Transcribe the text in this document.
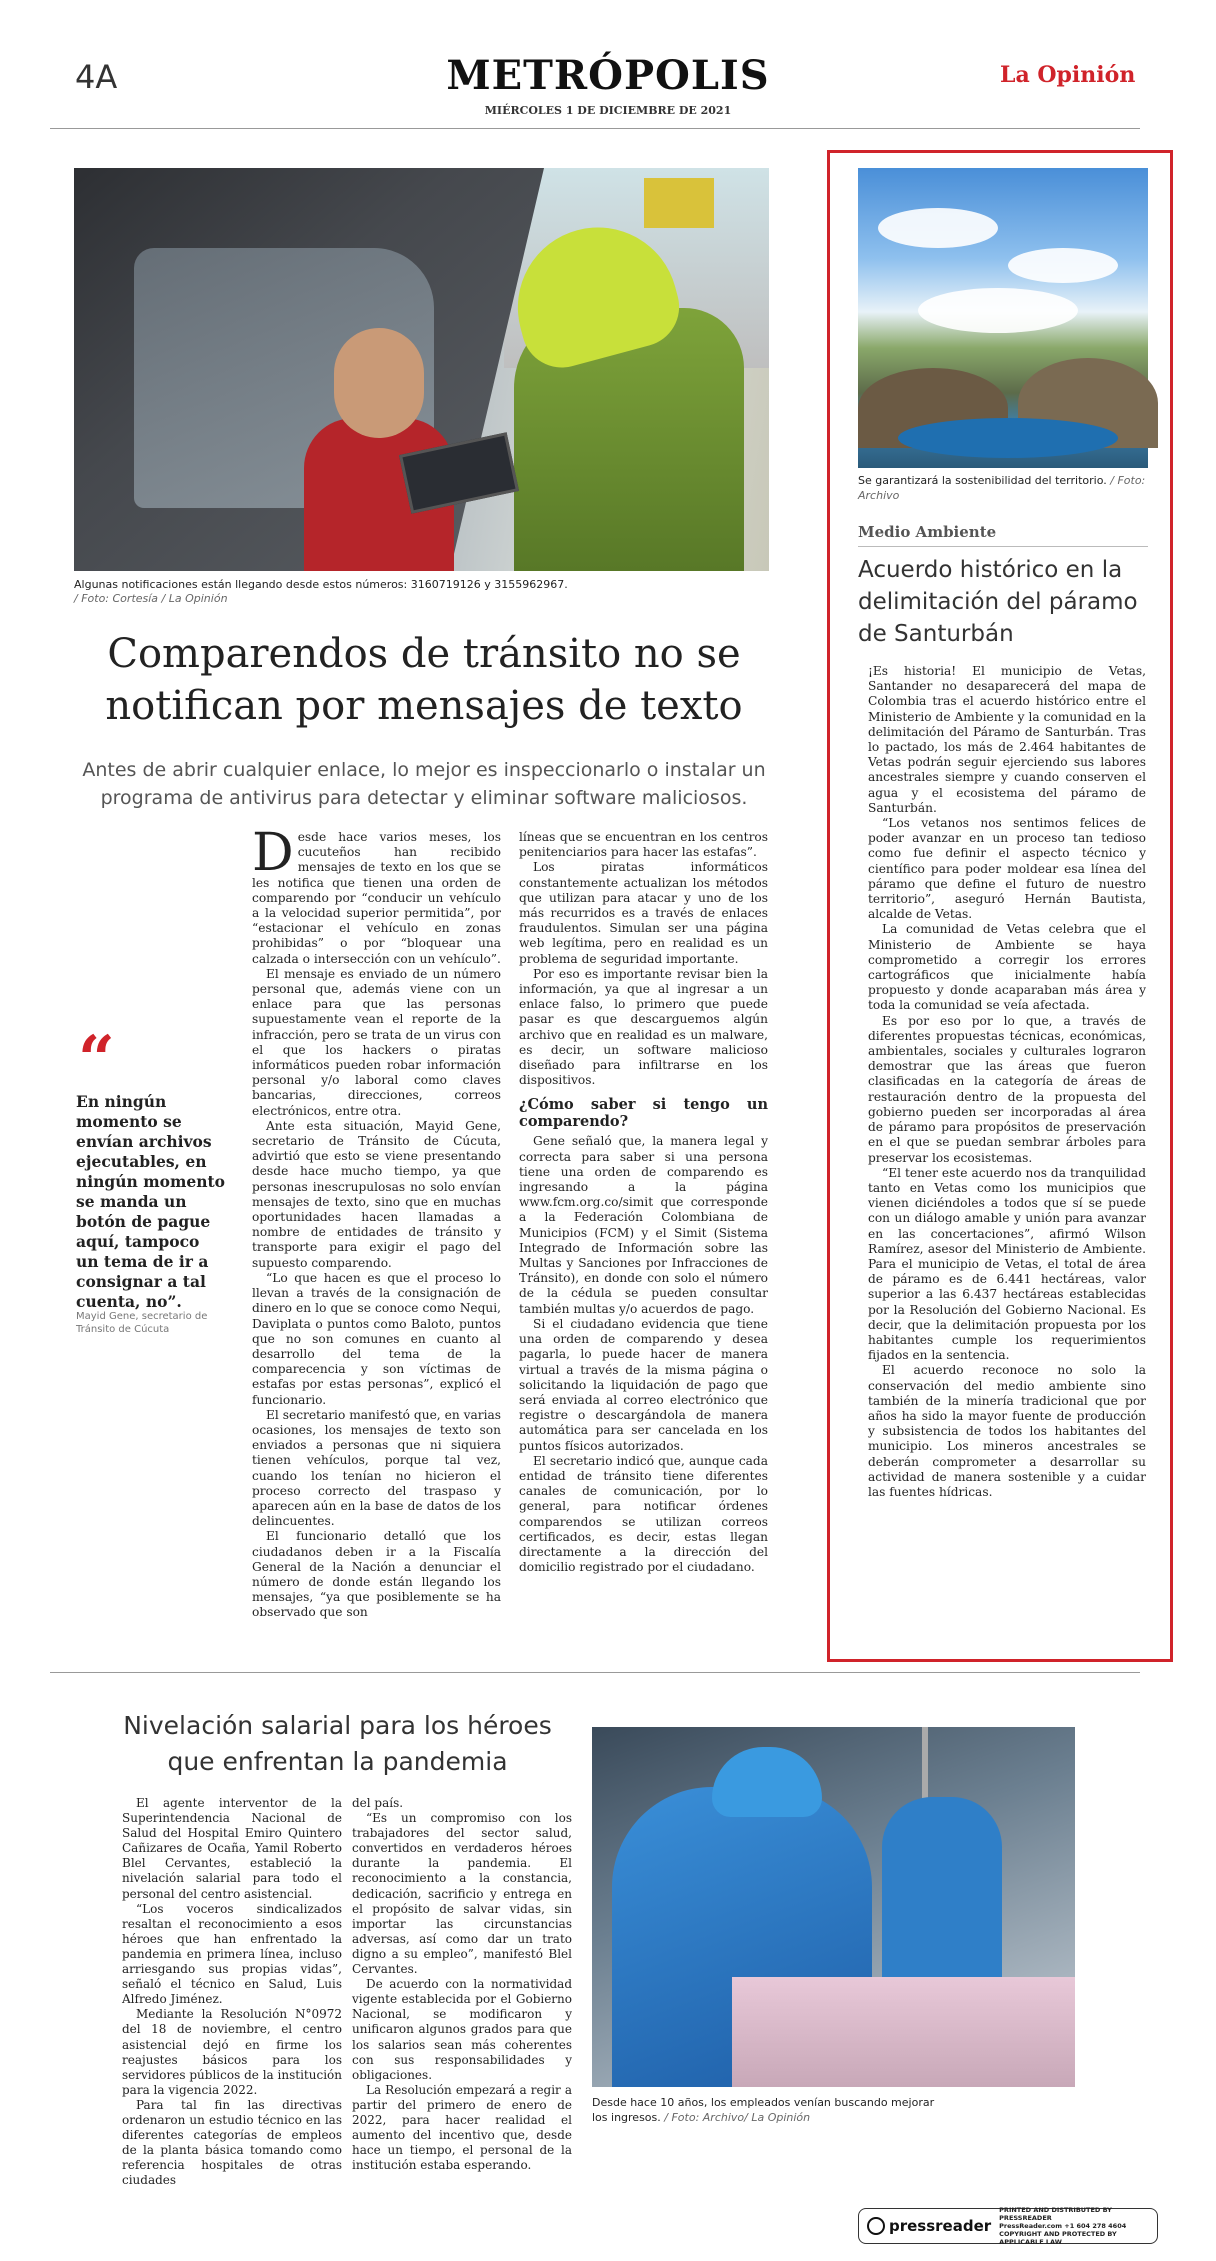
4A	METRÓPOLIS
MIÉRCOLES 1 DE DICIEMBRE DE 2021
La Opinión
Algunas notificaciones están llegando desde estos números: 3160719126 y 3155962967.
/ Foto: Cortesía / La Opinión
Comparendos de tránsito no se notifican por mensajes de texto
Antes de abrir cualquier enlace, lo mejor es inspeccionarlo o instalar un programa de antivirus para detectar y eliminar software maliciosos.
“
En ningún momento se envían archivos ejecutables, en ningún momento se manda un botón de pague aquí, tampoco un tema de ir a consignar a tal cuenta, no”.
Mayid Gene, secretario de Tránsito de Cúcuta

Desde hace varios meses, los cucuteños han recibido mensajes de texto en los que se les notifica que tienen una orden de comparendo por “conducir un vehículo a la velocidad superior permitida”, por “estacionar el vehículo en zonas prohibidas” o por “bloquear una calzada o intersección con un vehículo”.

El mensaje es enviado de un número personal que, además viene con un enlace para que las personas supuestamente vean el reporte de la infracción, pero se trata de un virus con el que los hackers o piratas informáticos pueden robar información personal y/o laboral como claves bancarias, direcciones, correos electrónicos, entre otra.

Ante esta situación, Mayid Gene, secretario de Tránsito de Cúcuta, advirtió que esto se viene presentando desde hace mucho tiempo, ya que personas inescrupulosas no solo envían mensajes de texto, sino que en muchas oportunidades hacen llamadas a nombre de entidades de tránsito y transporte para exigir el pago del supuesto comparendo.

“Lo que hacen es que el proceso lo llevan a través de la consignación de dinero en lo que se conoce como Nequi, Daviplata o puntos como Baloto, puntos que no son comunes en cuanto al desarrollo del tema de la comparecencia y son víctimas de estafas por estas personas”, explicó el funcionario.

El secretario manifestó que, en varias ocasiones, los mensajes de texto son enviados a personas que ni siquiera tienen vehículos, porque tal vez, cuando los tenían no hicieron el proceso correcto del traspaso y aparecen aún en la base de datos de los delincuentes.

El funcionario detalló que los ciudadanos deben ir a la Fiscalía General de la Nación a denunciar el número de donde están llegando los mensajes, “ya que posiblemente se ha observado que son

líneas que se encuentran en los centros penitenciarios para hacer las estafas”.

Los piratas informáticos constantemente actualizan los métodos que utilizan para atacar y uno de los más recurridos es a través de enlaces fraudulentos. Simulan ser una página web legítima, pero en realidad es un problema de seguridad importante.

Por eso es importante revisar bien la información, ya que al ingresar a un enlace falso, lo primero que puede pasar es que descarguemos algún archivo que en realidad es un malware, es decir, un software malicioso diseñado para infiltrarse en los dispositivos.

¿Cómo saber si tengo un comparendo?

Gene señaló que, la manera legal y correcta para saber si una persona tiene una orden de comparendo es ingresando a la página www.fcm.org.co/simit que corresponde a la Federación Colombiana de Municipios (FCM) y el Simit (Sistema Integrado de Información sobre las Multas y Sanciones por Infracciones de Tránsito), en donde con solo el número de la cédula se pueden consultar también multas y/o acuerdos de pago.

Si el ciudadano evidencia que tiene una orden de comparendo y desea pagarla, lo puede hacer de manera virtual a través de la misma página o solicitando la liquidación de pago que será enviada al correo electrónico que registre o descargándola de manera automática para ser cancelada en los puntos físicos autorizados.

El secretario indicó que, aunque cada entidad de tránsito tiene diferentes canales de comunicación, por lo general, para notificar órdenes comparendos se utilizan correos certificados, es decir, estas llegan directamente a la dirección del domicilio registrado por el ciudadano.

Se garantizará la sostenibilidad del territorio. / Foto: Archivo
Medio Ambiente
Acuerdo histórico en la delimitación del páramo de Santurbán

¡Es historia! El municipio de Vetas, Santander no desaparecerá del mapa de Colombia tras el acuerdo histórico entre el Ministerio de Ambiente y la comunidad en la delimitación del Páramo de Santurbán. Tras lo pactado, los más de 2.464 habitantes de Vetas podrán seguir ejerciendo sus labores ancestrales siempre y cuando conserven el agua y el ecosistema del páramo de Santurbán.

“Los vetanos nos sentimos felices de poder avanzar en un proceso tan tedioso como fue definir el aspecto técnico y científico para poder moldear esa línea del páramo que define el futuro de nuestro territorio”, aseguró Hernán Bautista, alcalde de Vetas.

La comunidad de Vetas celebra que el Ministerio de Ambiente se haya comprometido a corregir los errores cartográficos que inicialmente había propuesto y donde acaparaban más área y toda la comunidad se veía afectada.

Es por eso por lo que, a través de diferentes propuestas técnicas, económicas, ambientales, sociales y culturales lograron demostrar que las áreas que fueron clasificadas en la categoría de áreas de restauración dentro de la propuesta del gobierno pueden ser incorporadas al área de páramo para propósitos de preservación en el que se puedan sembrar árboles para preservar los ecosistemas.

“El tener este acuerdo nos da tranquilidad tanto en Vetas como los municipios que vienen diciéndoles a todos que sí se puede con un diálogo amable y unión para avanzar en las concertaciones”, afirmó Wilson Ramírez, asesor del Ministerio de Ambiente. Para el municipio de Vetas, el total de área de páramo es de 6.441 hectáreas, valor superior a las 6.437 hectáreas establecidas por la Resolución del Gobierno Nacional. Es decir, que la delimitación propuesta por los habitantes cumple los requerimientos fijados en la sentencia.

El acuerdo reconoce no solo la conservación del medio ambiente sino también de la minería tradicional que por años ha sido la mayor fuente de producción y subsistencia de todos los habitantes del municipio. Los mineros ancestrales se deberán comprometer a desarrollar su actividad de manera sostenible y a cuidar las fuentes hídricas.

Nivelación salarial para los héroes que enfrentan la pandemia

El agente interventor de la Superintendencia Nacional de Salud del Hospital Emiro Quintero Cañizares de Ocaña, Yamil Roberto Blel Cervantes, estableció la nivelación salarial para todo el personal del centro asistencial.

“Los voceros sindicalizados resaltan el reconocimiento a esos héroes que han enfrentado la pandemia en primera línea, incluso arriesgando sus propias vidas”, señaló el técnico en Salud, Luis Alfredo Jiménez.

Mediante la Resolución N°0972 del 18 de noviembre, el centro asistencial dejó en firme los reajustes básicos para los servidores públicos de la institución para la vigencia 2022.

Para tal fin las directivas ordenaron un estudio técnico en las diferentes categorías de empleos de la planta básica tomando como referencia hospitales de otras ciudades

del país.

“Es un compromiso con los trabajadores del sector salud, convertidos en verdaderos héroes durante la pandemia. El reconocimiento a la constancia, dedicación, sacrificio y entrega en el propósito de salvar vidas, sin importar las circunstancias adversas, así como dar un trato digno a su empleo”, manifestó Blel Cervantes.

De acuerdo con la normatividad vigente establecida por el Gobierno Nacional, se modificaron y unificaron algunos grados para que los salarios sean más coherentes con sus responsabilidades y obligaciones.

La Resolución empezará a regir a partir del primero de enero de 2022, para hacer realidad el aumento del incentivo que, desde hace un tiempo, el personal de la institución estaba esperando.

Desde hace 10 años, los empleados venían buscando mejorar los ingresos. / Foto: Archivo/ La Opinión
pressreader
PRINTED AND DISTRIBUTED BY PRESSREADER
PressReader.com +1 604 278 4604
COPYRIGHT AND PROTECTED BY APPLICABLE LAW
